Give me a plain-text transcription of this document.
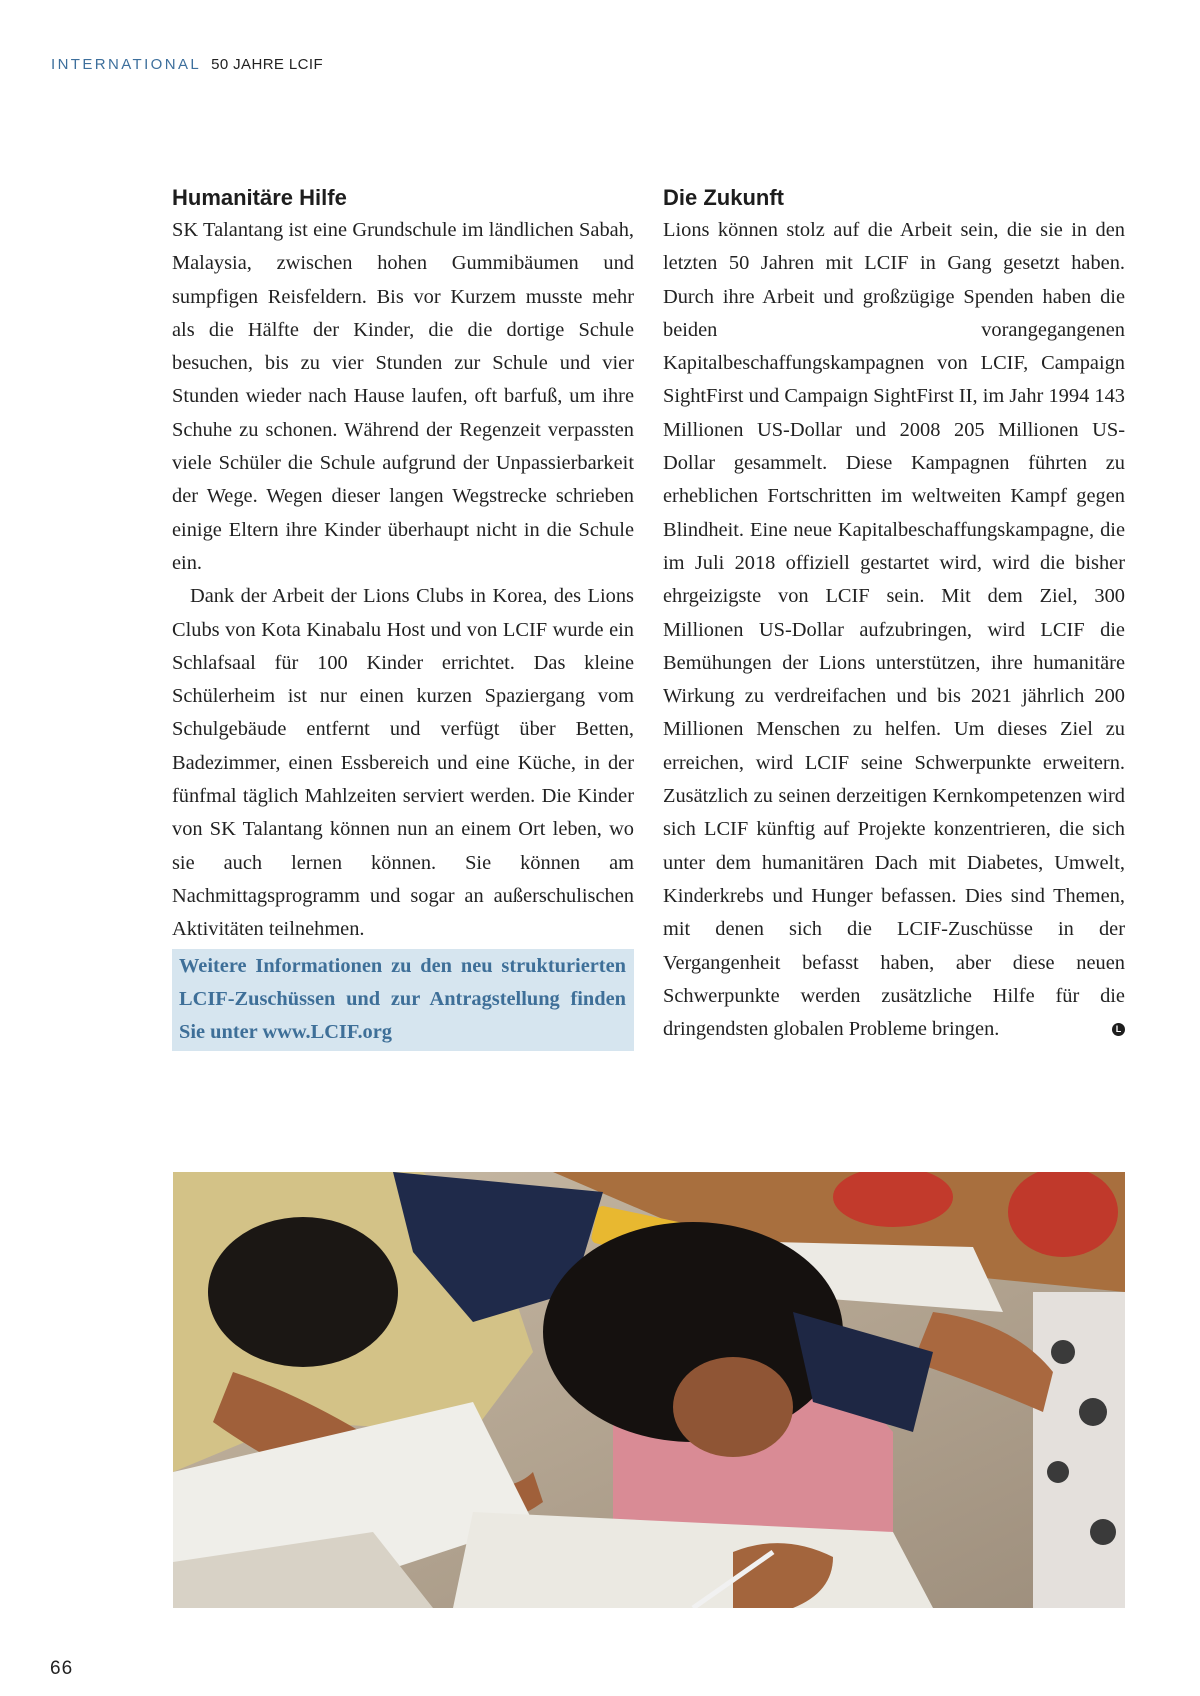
INTERNATIONAL 50 JAHRE LCIF
Humanitäre Hilfe

SK Talantang ist eine Grundschule im ländlichen Sabah, Malaysia, zwischen hohen Gummibäumen und sumpfigen Reisfeldern. Bis vor Kurzem musste mehr als die Hälfte der Kinder, die die dortige Schule besuchen, bis zu vier Stunden zur Schule und vier Stunden wieder nach Hause laufen, oft barfuß, um ihre Schuhe zu schonen. Während der Regenzeit verpassten viele Schüler die Schule aufgrund der Unpassierbarkeit der Wege. Wegen dieser langen Wegstrecke schrieben einige Eltern ihre Kinder überhaupt nicht in die Schule ein.

Dank der Arbeit der Lions Clubs in Korea, des Lions Clubs von Kota Kinabalu Host und von LCIF wurde ein Schlafsaal für 100 Kinder errichtet. Das kleine Schülerheim ist nur einen kurzen Spaziergang vom Schulgebäude entfernt und verfügt über Betten, Badezimmer, einen Essbereich und eine Küche, in der fünfmal täglich Mahlzeiten serviert werden. Die Kinder von SK Talantang können nun an einem Ort leben, wo sie auch lernen können. Sie können am Nachmittagsprogramm und sogar an außerschulischen Aktivitäten teilnehmen.

Weitere Informationen zu den neu strukturierten LCIF-Zuschüssen und zur Antragstellung finden Sie unter www.LCIF.org
Die Zukunft

Lions können stolz auf die Arbeit sein, die sie in den letzten 50 Jahren mit LCIF in Gang gesetzt haben. Durch ihre Arbeit und großzügige Spenden haben die beiden vorangegangenen Kapitalbeschaffungskampagnen von LCIF, Campaign SightFirst und Campaign SightFirst II, im Jahr 1994 143 Millionen US-Dollar und 2008 205 Millionen US-Dollar gesammelt. Diese Kampagnen führten zu erheblichen Fortschritten im weltweiten Kampf gegen Blindheit. Eine neue Kapitalbeschaffungskampagne, die im Juli 2018 offiziell gestartet wird, wird die bisher ehrgeizigste von LCIF sein. Mit dem Ziel, 300 Millionen US-Dollar aufzubringen, wird LCIF die Bemühungen der Lions unterstützen, ihre humanitäre Wirkung zu verdreifachen und bis 2021 jährlich 200 Millionen Menschen zu helfen. Um dieses Ziel zu erreichen, wird LCIF seine Schwerpunkte erweitern. Zusätzlich zu seinen derzeitigen Kernkompetenzen wird sich LCIF künftig auf Projekte konzentrieren, die sich unter dem humanitären Dach mit Diabetes, Umwelt, Kinderkrebs und Hunger befassen. Dies sind Themen, mit denen sich die LCIF-Zuschüsse in der Vergangenheit befasst haben, aber diese neuen Schwerpunkte werden zusätzliche Hilfe für die dringendsten globalen Probleme bringen.	L

66
